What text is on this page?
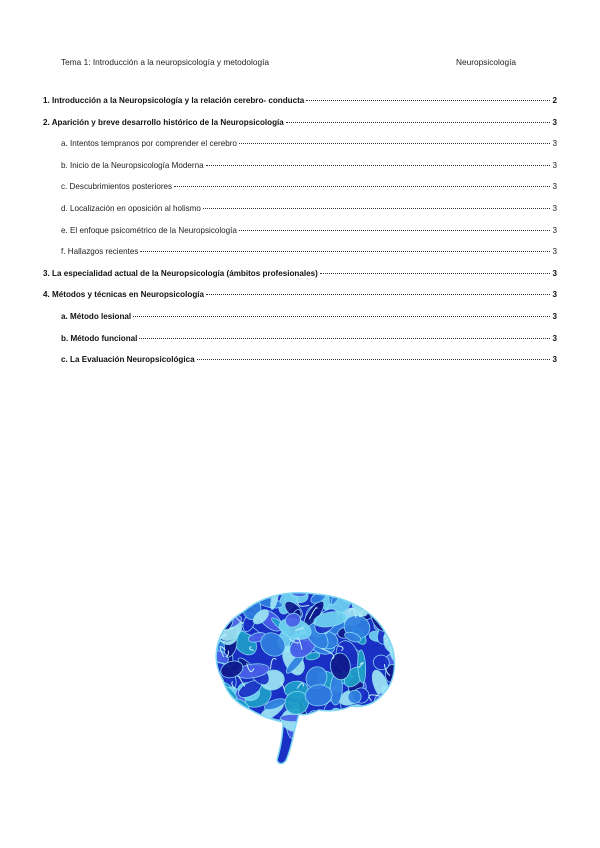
Tema 1: Introducción a la neuropsicología y metodología	Neuropsicología
1. Introducción a la Neuropsicología y la relación cerebro- conducta	2
2. Aparición y breve desarrollo histórico de la Neuropsicología	3
a. Intentos tempranos por comprender el cerebro	3
b. Inicio de la Neuropsicología Moderna	3
c. Descubrimientos posteriores	3
d. Localización en oposición al holismo	3
e. El enfoque psicométrico de la Neuropsicología	3
f. Hallazgos recientes	3
3. La especialidad actual de la Neuropsicología (ámbitos profesionales)	3
4. Métodos y técnicas en Neuropsicología	3
a. Método lesional	3
b. Método funcional	3
c. La Evaluación Neuropsicológica	3
